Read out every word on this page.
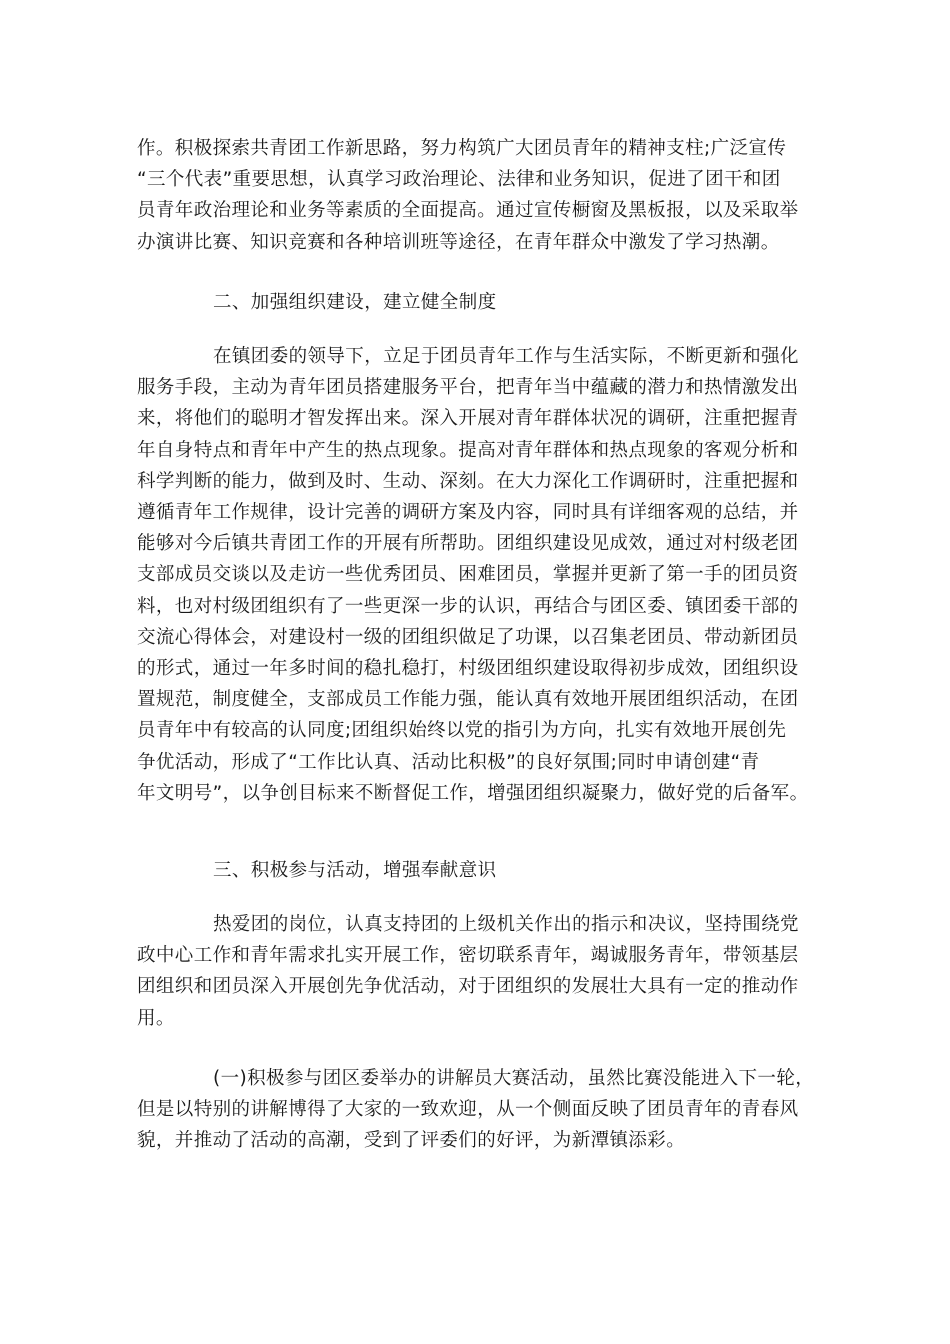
作。积极探索共青团工作新思路，努力构筑广大团员青年的精神支柱;广泛宣传
“三个代表”重要思想，认真学习政治理论、法律和业务知识，促进了团干和团
员青年政治理论和业务等素质的全面提高。通过宣传橱窗及黑板报，以及采取举
办演讲比赛、知识竞赛和各种培训班等途径，在青年群众中激发了学习热潮。
二、加强组织建设，建立健全制度
在镇团委的领导下，立足于团员青年工作与生活实际，不断更新和强化
服务手段，主动为青年团员搭建服务平台，把青年当中蕴藏的潜力和热情激发出
来，将他们的聪明才智发挥出来。深入开展对青年群体状况的调研，注重把握青
年自身特点和青年中产生的热点现象。提高对青年群体和热点现象的客观分析和
科学判断的能力，做到及时、生动、深刻。在大力深化工作调研时，注重把握和
遵循青年工作规律，设计完善的调研方案及内容，同时具有详细客观的总结，并
能够对今后镇共青团工作的开展有所帮助。团组织建设见成效，通过对村级老团
支部成员交谈以及走访一些优秀团员、困难团员，掌握并更新了第一手的团员资
料，也对村级团组织有了一些更深一步的认识，再结合与团区委、镇团委干部的
交流心得体会，对建设村一级的团组织做足了功课，以召集老团员、带动新团员
的形式，通过一年多时间的稳扎稳打，村级团组织建设取得初步成效，团组织设
置规范，制度健全，支部成员工作能力强，能认真有效地开展团组织活动，在团
员青年中有较高的认同度;团组织始终以党的指引为方向，扎实有效地开展创先
争优活动，形成了“工作比认真、活动比积极”的良好氛围;同时申请创建“青
年文明号”，以争创目标来不断督促工作，增强团组织凝聚力，做好党的后备军。
三、积极参与活动，增强奉献意识
热爱团的岗位，认真支持团的上级机关作出的指示和决议，坚持围绕党
政中心工作和青年需求扎实开展工作，密切联系青年，竭诚服务青年，带领基层
团组织和团员深入开展创先争优活动，对于团组织的发展壮大具有一定的推动作
用。
(一)积极参与团区委举办的讲解员大赛活动，虽然比赛没能进入下一轮，
但是以特别的讲解博得了大家的一致欢迎，从一个侧面反映了团员青年的青春风
貌，并推动了活动的高潮，受到了评委们的好评，为新潭镇添彩。
